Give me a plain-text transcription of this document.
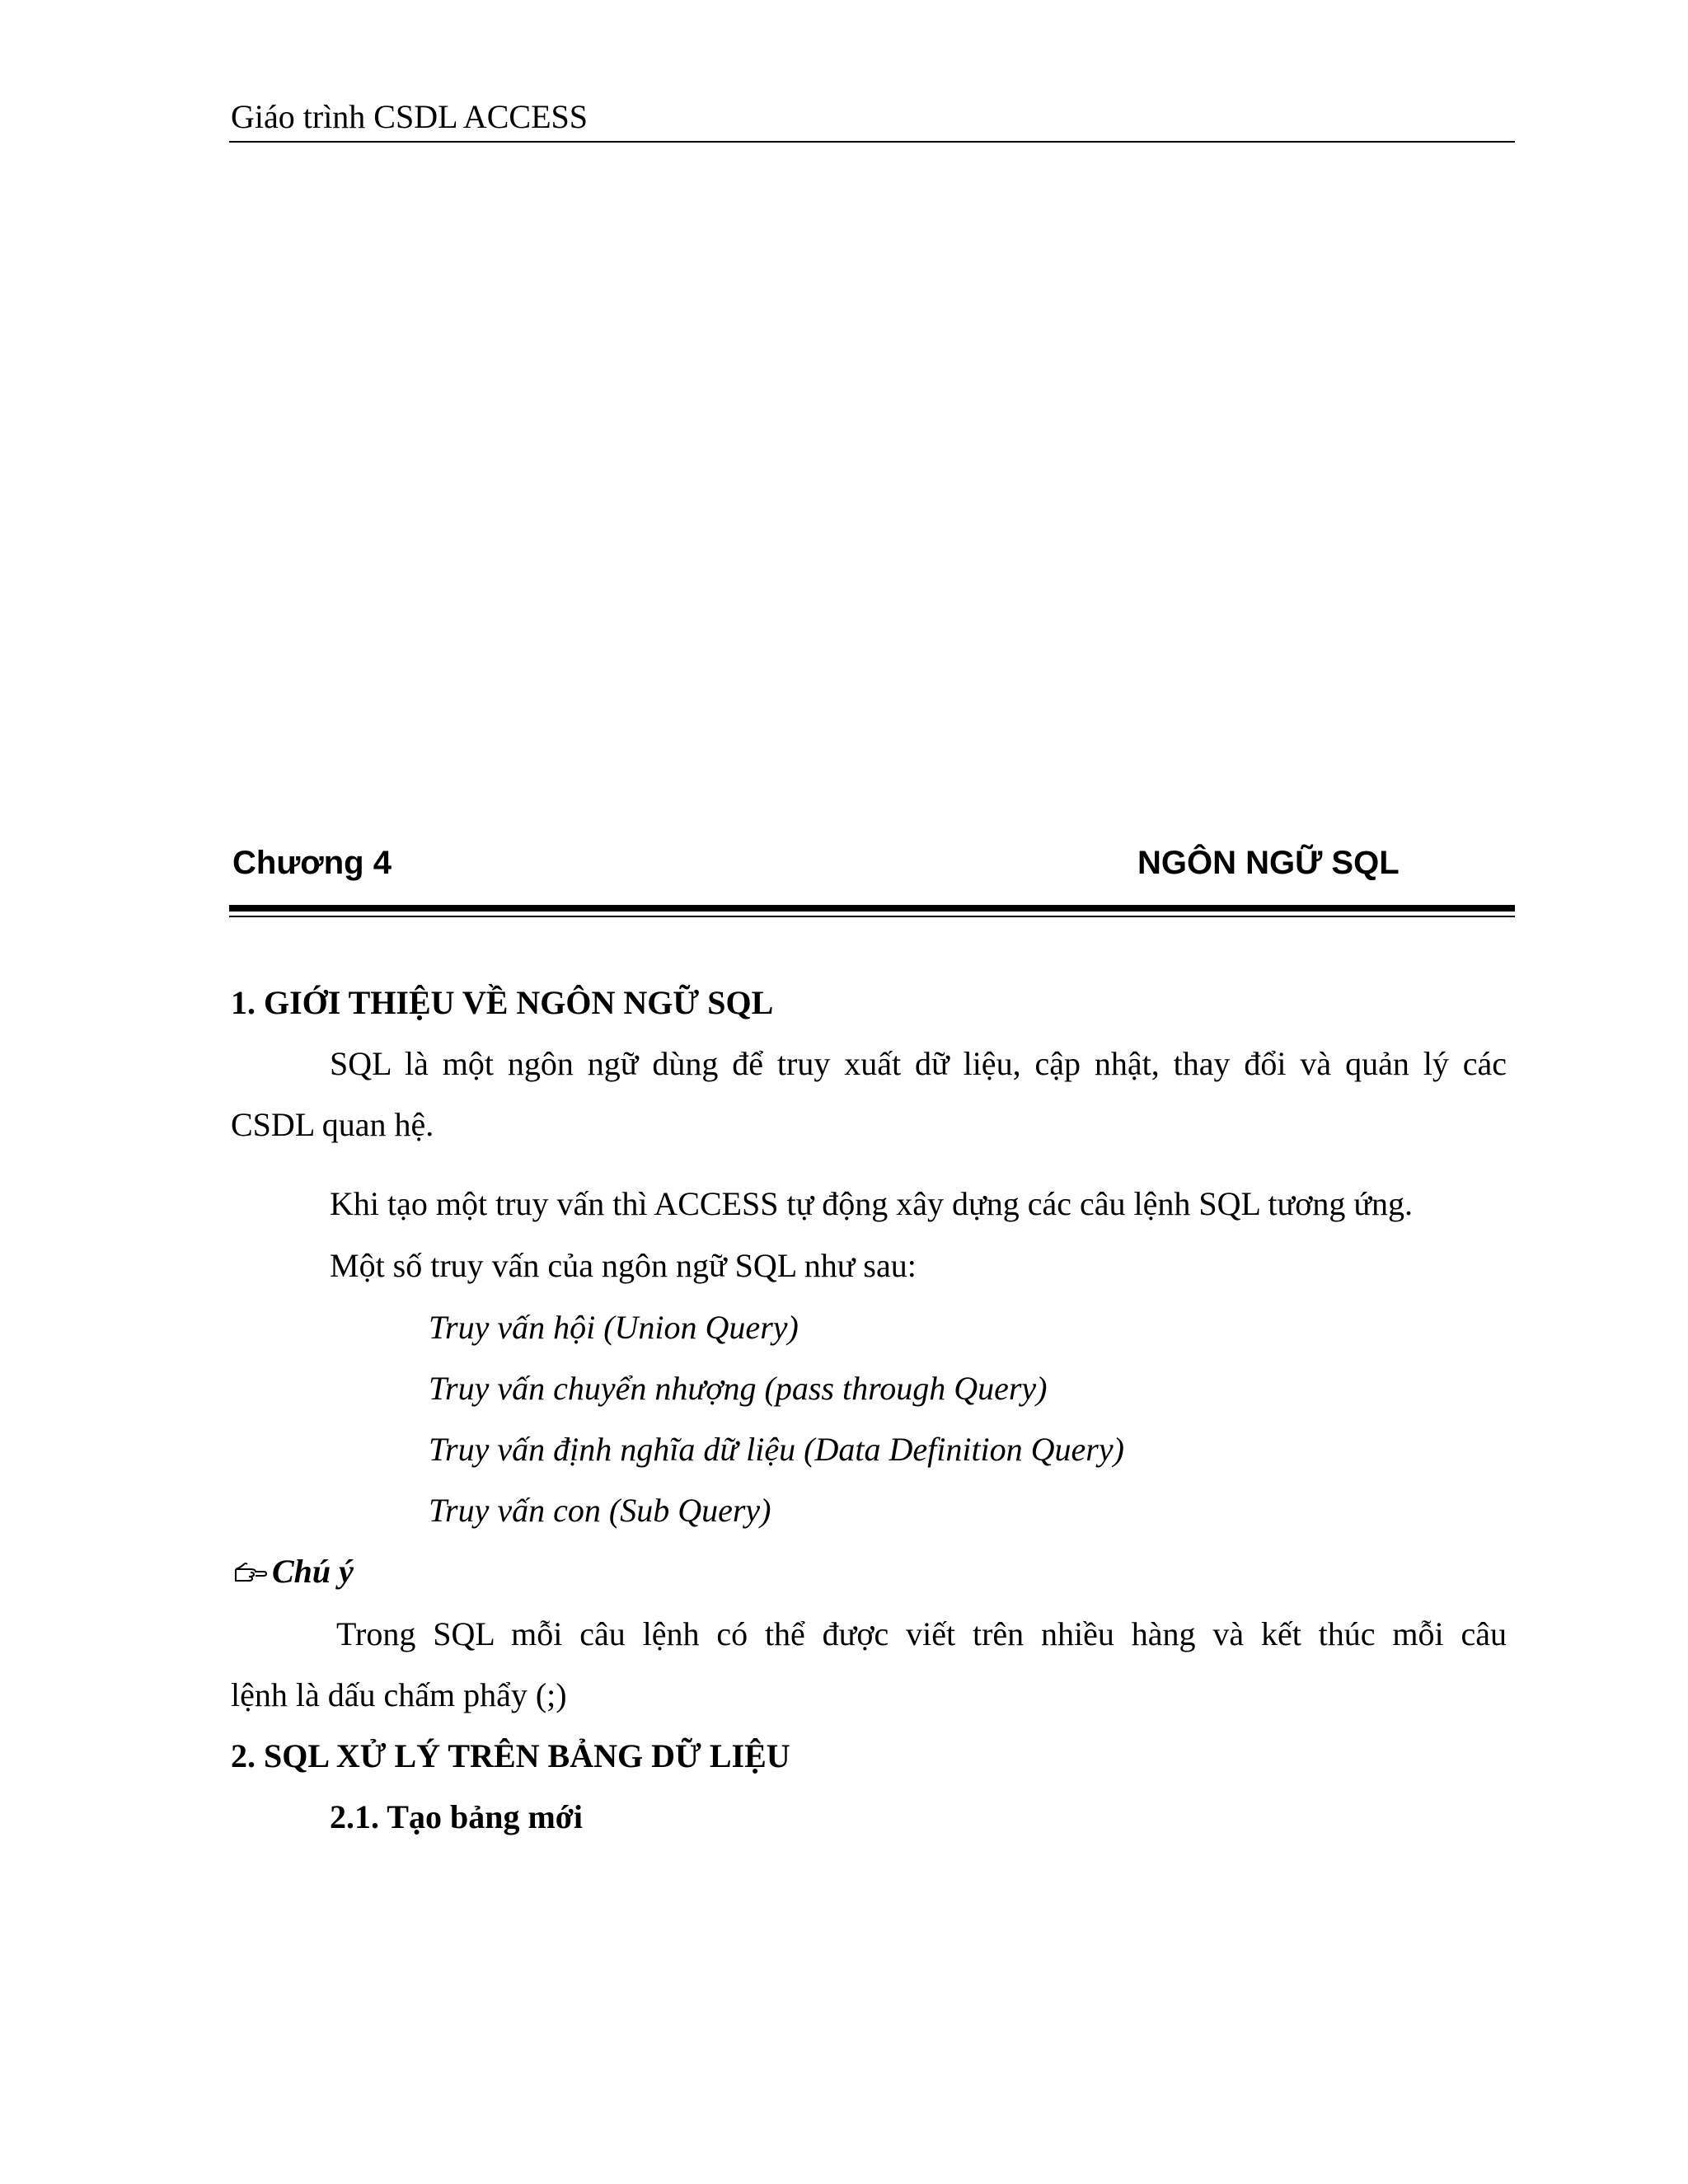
Giáo trình CSDL ACCESS
Chương 4	NGÔN NGỮ SQL
1. GIỚI THIỆU VỀ NGÔN NGỮ SQL
SQL là một ngôn ngữ dùng để truy xuất dữ liệu, cập nhật, thay đổi và quản lý các
CSDL quan hệ.
Khi tạo một truy vấn thì ACCESS tự động xây dựng các câu lệnh SQL tương ứng.
Một số truy vấn của ngôn ngữ SQL như sau:
Truy vấn hội (Union Query)
Truy vấn chuyển nhượng (pass through Query)
Truy vấn định nghĩa dữ liệu (Data Definition Query)
Truy vấn con (Sub Query)
Chú ý
Trong SQL mỗi câu lệnh có thể được viết trên nhiều hàng và kết thúc mỗi câu
lệnh là dấu chấm phẩy (;)
2. SQL XỬ LÝ TRÊN BẢNG DỮ LIỆU
2.1. Tạo bảng mới
